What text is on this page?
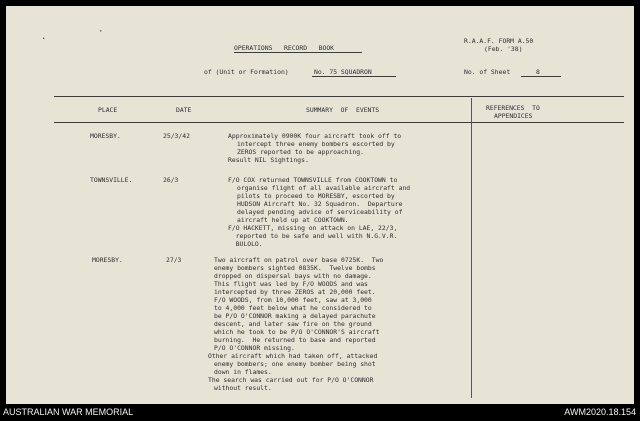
.	·
OPERATIONS   RECORD   BOOK
R.A.A.F. FORM A.50
(Feb. '38)
of (Unit or Formation)	No. 75 SQUADRON	No. of Sheet	8
PLACE	DATE	SUMMARY  OF  EVENTS	REFERENCES  TO
APPENDICES
MORESBY.	25/3/42	Approximately 0900K four aircraft took off to
intercept three enemy bombers escorted by
ZEROS reported to be approaching.
Result NIL Sightings.
TOWNSVILLE.	26/3	F/O COX returned TOWNSVILLE from COOKTOWN to
organise flight of all available aircraft and
pilots to proceed to MORESBY, escorted by
HUDSON Aircraft No. 32 Squadron.  Departure
delayed pending advice of serviceability of
aircraft held up at COOKTOWN.
F/O HACKETT, missing on attack on LAE, 22/3,
reported to be safe and well with N.G.V.R.
BULOLO.
MORESBY.	27/3	Two aircraft on patrol over base 0725K.  Two
enemy bombers sighted 0835K.  Twelve bombs
dropped on dispersal bays with no damage.
This flight was led by F/O WOODS and was
intercepted by three ZEROS at 20,000 feet.
F/O WOODS, from 10,000 feet, saw at 3,000
to 4,000 feet below what he considered to
be P/O O'CONNOR making a delayed parachute
descent, and later saw fire on the ground
which he took to be P/O O'CONNOR'S aircraft
burning.  He returned to base and reported
P/O O'CONNOR missing.
Other aircraft which had taken off, attacked
enemy bombers; one enemy bomber being shot
down in flames.
The search was carried out for P/O O'CONNOR
without result.
AUSTRALIAN WAR MEMORIAL	AWM2020.18.154
